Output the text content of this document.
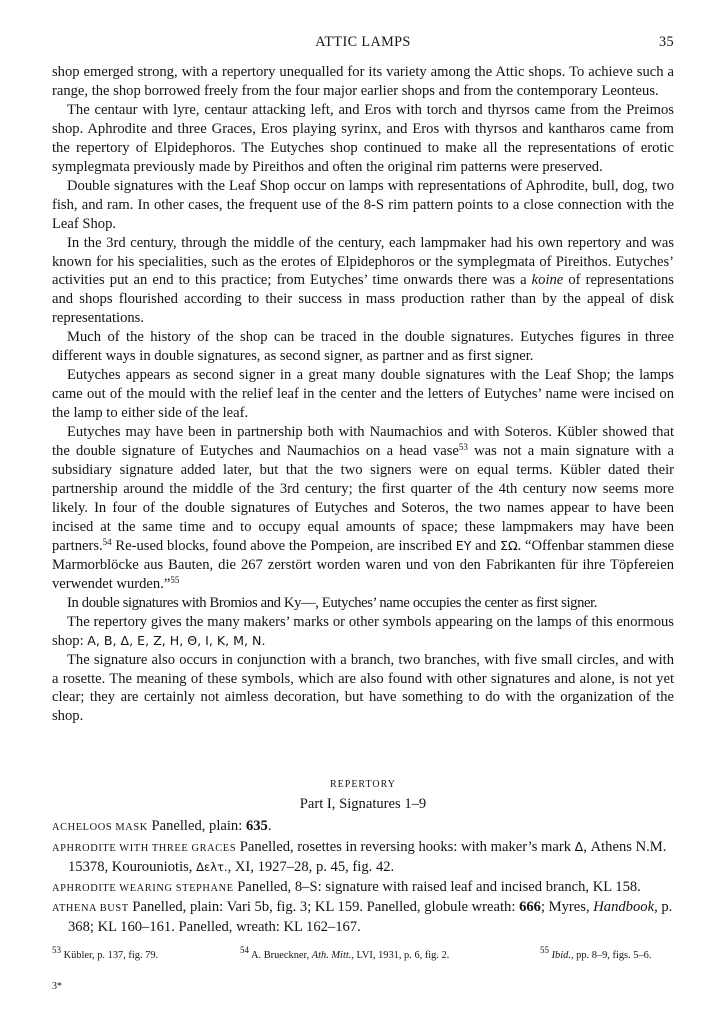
ATTIC LAMPS	35

shop emerged strong, with a repertory unequalled for its variety among the Attic shops. To achieve such a range, the shop borrowed freely from the four major earlier shops and from the contemporary Leonteus.

The centaur with lyre, centaur attacking left, and Eros with torch and thyrsos came from the Preimos shop. Aphrodite and three Graces, Eros playing syrinx, and Eros with thyrsos and kantharos came from the repertory of Elpidephoros. The Eutyches shop continued to make all the representations of erotic symplegmata previously made by Pireithos and often the original rim patterns were preserved.

Double signatures with the Leaf Shop occur on lamps with representations of Aphrodite, bull, dog, two fish, and ram. In other cases, the frequent use of the 8-S rim pattern points to a close connection with the Leaf Shop.

In the 3rd century, through the middle of the century, each lampmaker had his own repertory and was known for his specialities, such as the erotes of Elpidephoros or the symplegmata of Pireithos. Eutyches’ activities put an end to this practice; from Eutyches’ time onwards there was a koine of representations and shops flourished according to their success in mass production rather than by the appeal of disk representations.

Much of the history of the shop can be traced in the double signatures. Eutyches figures in three different ways in double signatures, as second signer, as partner and as first signer.

Eutyches appears as second signer in a great many double signatures with the Leaf Shop; the lamps came out of the mould with the relief leaf in the center and the letters of Eutyches’ name were incised on the lamp to either side of the leaf.

Eutyches may have been in partnership both with Naumachios and with Soteros. Kübler showed that the double signature of Eutyches and Naumachios on a head vase$^{53}$ was not a main signature with a subsidiary signature added later, but that the two signers were on equal terms. Kübler dated their partnership around the middle of the 3rd century; the first quarter of the 4th century now seems more likely. In four of the double signatures of Eutyches and Soteros, the two names appear to have been incised at the same time and to occupy equal amounts of space; these lampmakers may have been partners.$^{54}$ Re-used blocks, found above the Pompeion, are inscribed EY and ΣΩ. “Offenbar stammen diese Marmorblöcke aus Bauten, die 267 zerstört worden waren und von den Fabrikanten für ihre Töpfereien verwendet wurden.”$^{55}$

In double signatures with Bromios and Ky—, Eutyches’ name occupies the center as first signer.

The repertory gives the many makers’ marks or other symbols appearing on the lamps of this enormous shop: A, B, Δ, E, Z, H, Θ, I, K, M, N.

The signature also occurs in conjunction with a branch, two branches, with five small circles, and with a rosette. The meaning of these symbols, which are also found with other signatures and alone, is not yet clear; they are certainly not aimless decoration, but have something to do with the organization of the shop.

REPERTORY
Part I, Signatures 1–9

ACHELOOS MASK Panelled, plain: 635.

APHRODITE WITH THREE GRACES Panelled, rosettes in reversing hooks: with maker’s mark Δ, Athens N.M. 15378, Kourouniotis, Δελτ., XI, 1927–28, p. 45, fig. 42.

APHRODITE WEARING STEPHANE Panelled, 8–S: signature with raised leaf and incised branch, KL 158.

ATHENA BUST Panelled, plain: Vari 5b, fig. 3; KL 159. Panelled, globule wreath: 666; Myres, Handbook, p. 368; KL 160–161. Panelled, wreath: KL 162–167.

$^{53}$ Kübler, p. 137, fig. 79.	$^{54}$ A. Brueckner, Ath. Mitt., LVI, 1931, p. 6, fig. 2.	$^{55}$ Ibid., pp. 8–9, figs. 5–6.
3*
